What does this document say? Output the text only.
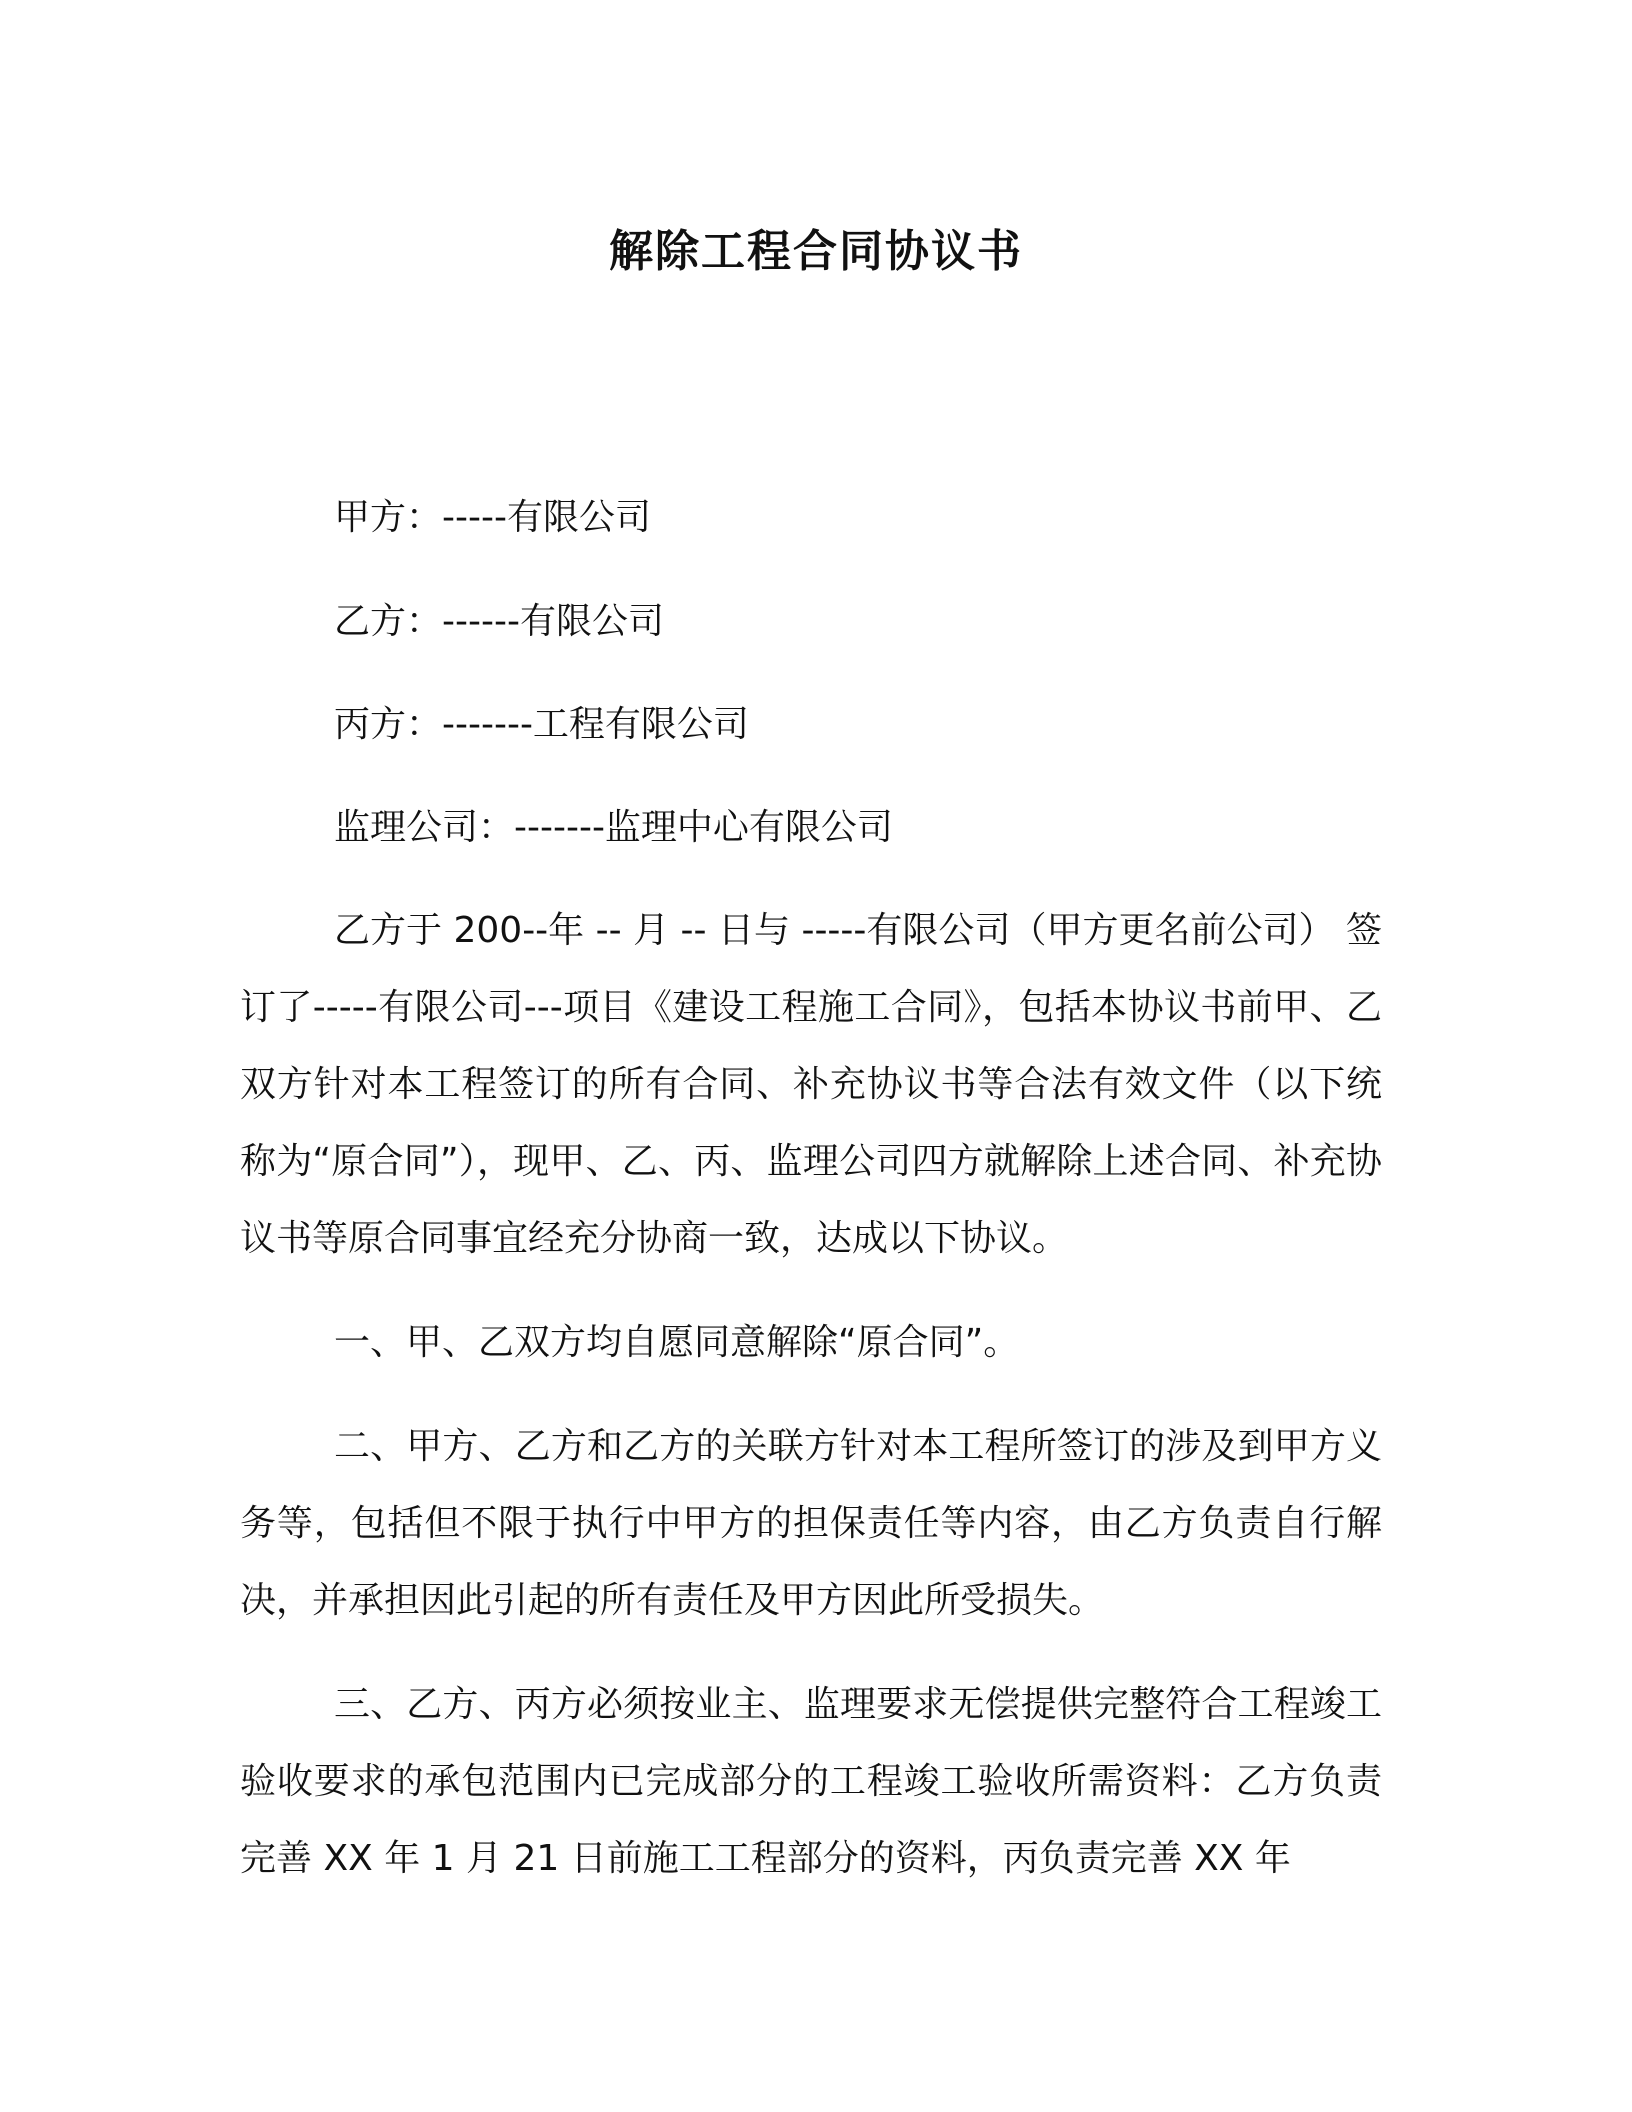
解除工程合同协议书

甲方：-----有限公司

乙方：------有限公司

丙方：-------工程有限公司

监理公司：-------监理中心有限公司

乙方于 200--年 -- 月 -- 日与 -----有限公司（甲方更名前公司） 签订了-----有限公司---项目《建设工程施工合同》，包括本协议书前甲、乙双方针对本工程签订的所有合同、补充协议书等合法有效文件（以下统称为“原合同”），现甲、乙、丙、监理公司四方就解除上述合同、补充协议书等原合同事宜经充分协商一致，达成以下协议。

一、甲、乙双方均自愿同意解除“原合同”。

二、甲方、乙方和乙方的关联方针对本工程所签订的涉及到甲方义务等，包括但不限于执行中甲方的担保责任等内容，由乙方负责自行解决，并承担因此引起的所有责任及甲方因此所受损失。

三、乙方、丙方必须按业主、监理要求无偿提供完整符合工程竣工验收要求的承包范围内已完成部分的工程竣工验收所需资料：乙方负责完善 XX 年 1 月 21 日前施工工程部分的资料，丙负责完善 XX 年
